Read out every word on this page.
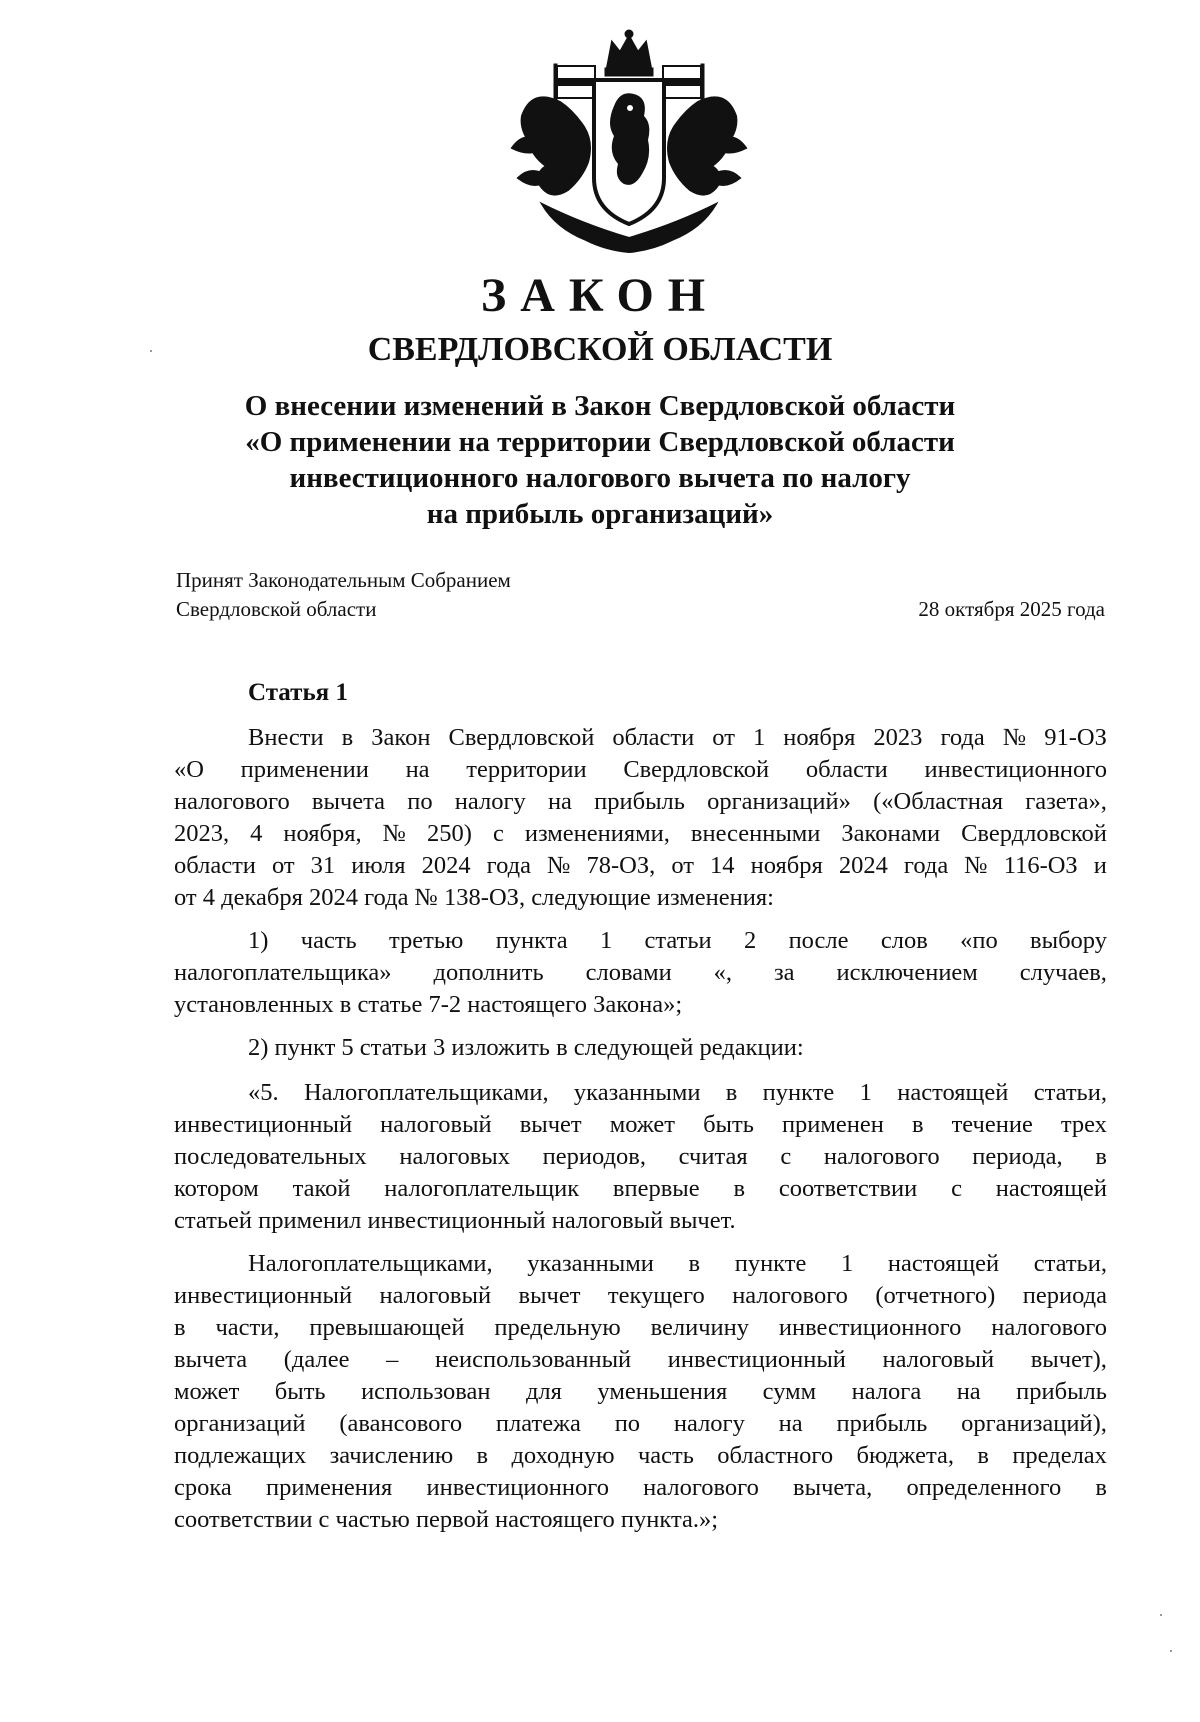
ЗАКОН
СВЕРДЛОВСКОЙ ОБЛАСТИ
О внесении изменений в Закон Свердловской области
«О применении на территории Свердловской области
инвестиционного налогового вычета по налогу
на прибыль организаций»
Принят Законодательным Собранием
Свердловской области	28 октября 2025 года
Статья 1
Внести в Закон Свердловской области от 1 ноября 2023 года № 91-ОЗ
«О применении на территории Свердловской области инвестиционного
налогового вычета по налогу на прибыль организаций» («Областная газета»,
2023, 4 ноября, № 250) с изменениями, внесенными Законами Свердловской
области от 31 июля 2024 года № 78-ОЗ, от 14 ноября 2024 года № 116-ОЗ и
от 4 декабря 2024 года № 138-ОЗ, следующие изменения:
1) часть третью пункта 1 статьи 2 после слов «по выбору
налогоплательщика» дополнить словами «, за исключением случаев,
установленных в статье 7-2 настоящего Закона»;
2) пункт 5 статьи 3 изложить в следующей редакции:
«5. Налогоплательщиками, указанными в пункте 1 настоящей статьи,
инвестиционный налоговый вычет может быть применен в течение трех
последовательных налоговых периодов, считая с налогового периода, в
котором такой налогоплательщик впервые в соответствии с настоящей
статьей применил инвестиционный налоговый вычет.
Налогоплательщиками, указанными в пункте 1 настоящей статьи,
инвестиционный налоговый вычет текущего налогового (отчетного) периода
в части, превышающей предельную величину инвестиционного налогового
вычета (далее – неиспользованный инвестиционный налоговый вычет),
может быть использован для уменьшения сумм налога на прибыль
организаций (авансового платежа по налогу на прибыль организаций),
подлежащих зачислению в доходную часть областного бюджета, в пределах
срока применения инвестиционного налогового вычета, определенного в
соответствии с частью первой настоящего пункта.»;
